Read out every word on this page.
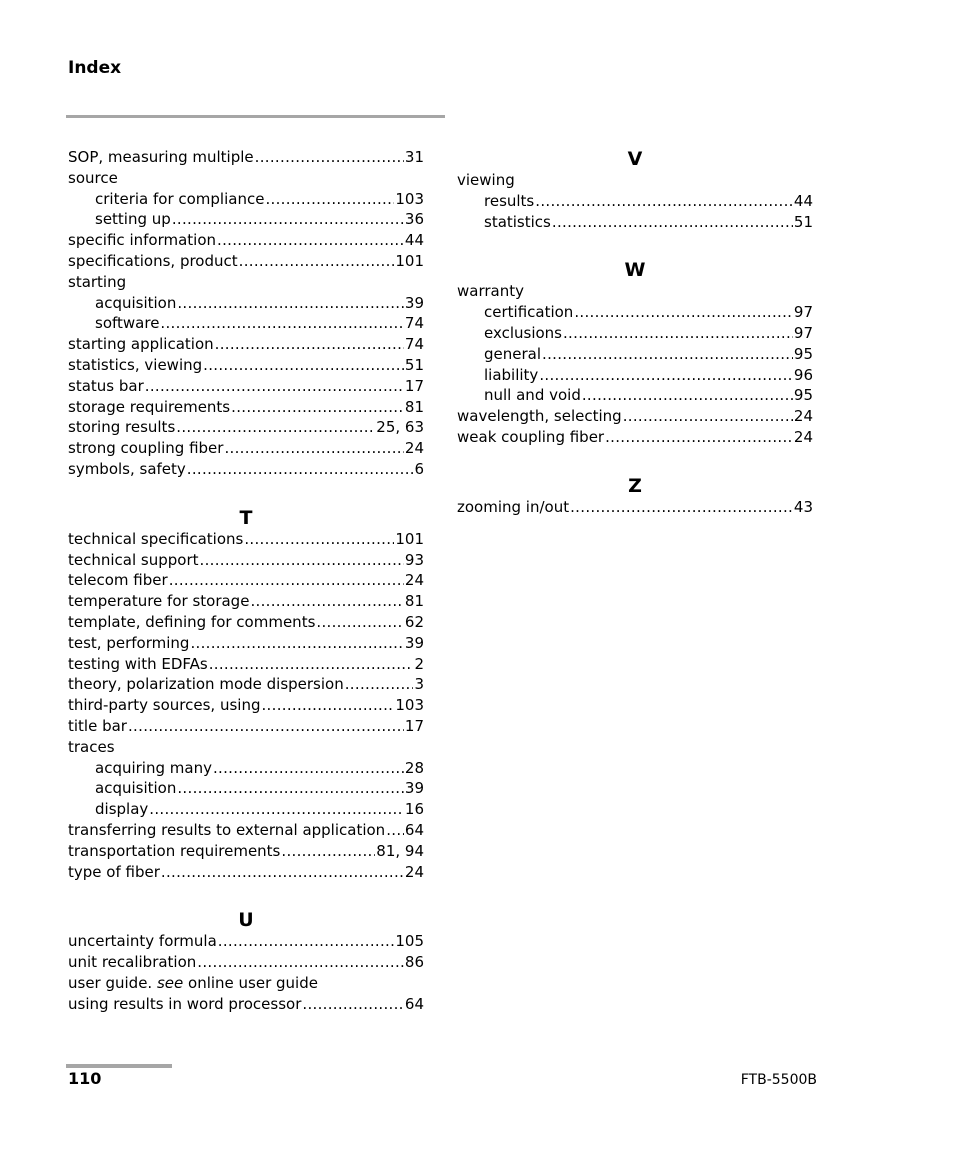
Index
SOP, measuring multiple .....	31
source
criteria for compliance .....	103
setting up .....	36
specific information .....	44
specifications, product .....	101
starting
acquisition .....	39
software .....	74
starting application .....	74
statistics, viewing .....	51
status bar .....	17
storage requirements .....	81
storing results .....	25, 63
strong coupling fiber .....	24
symbols, safety .....	6
T
technical specifications .....	101
technical support .....	93
telecom fiber .....	24
temperature for storage .....	81
template, defining for comments .....	62
test, performing .....	39
testing with EDFAs .....	2
theory, polarization mode dispersion .....	3
third-party sources, using .....	103
title bar .....	17
traces
acquiring many .....	28
acquisition .....	39
display .....	16
transferring results to external application ..... 64
transportation requirements .....	81, 94
type of fiber .....	24
U
uncertainty formula .....	105
unit recalibration .....	86
user guide. see online user guide
using results in word processor .....	64
V
viewing
results .....	44
statistics .....	51
W
warranty
certification .....	97
exclusions .....	97
general .....	95
liability .....	96
null and void .....	95
wavelength, selecting .....	24
weak coupling fiber .....	24
Z
zooming in/out .....	43
110	FTB-5500B
